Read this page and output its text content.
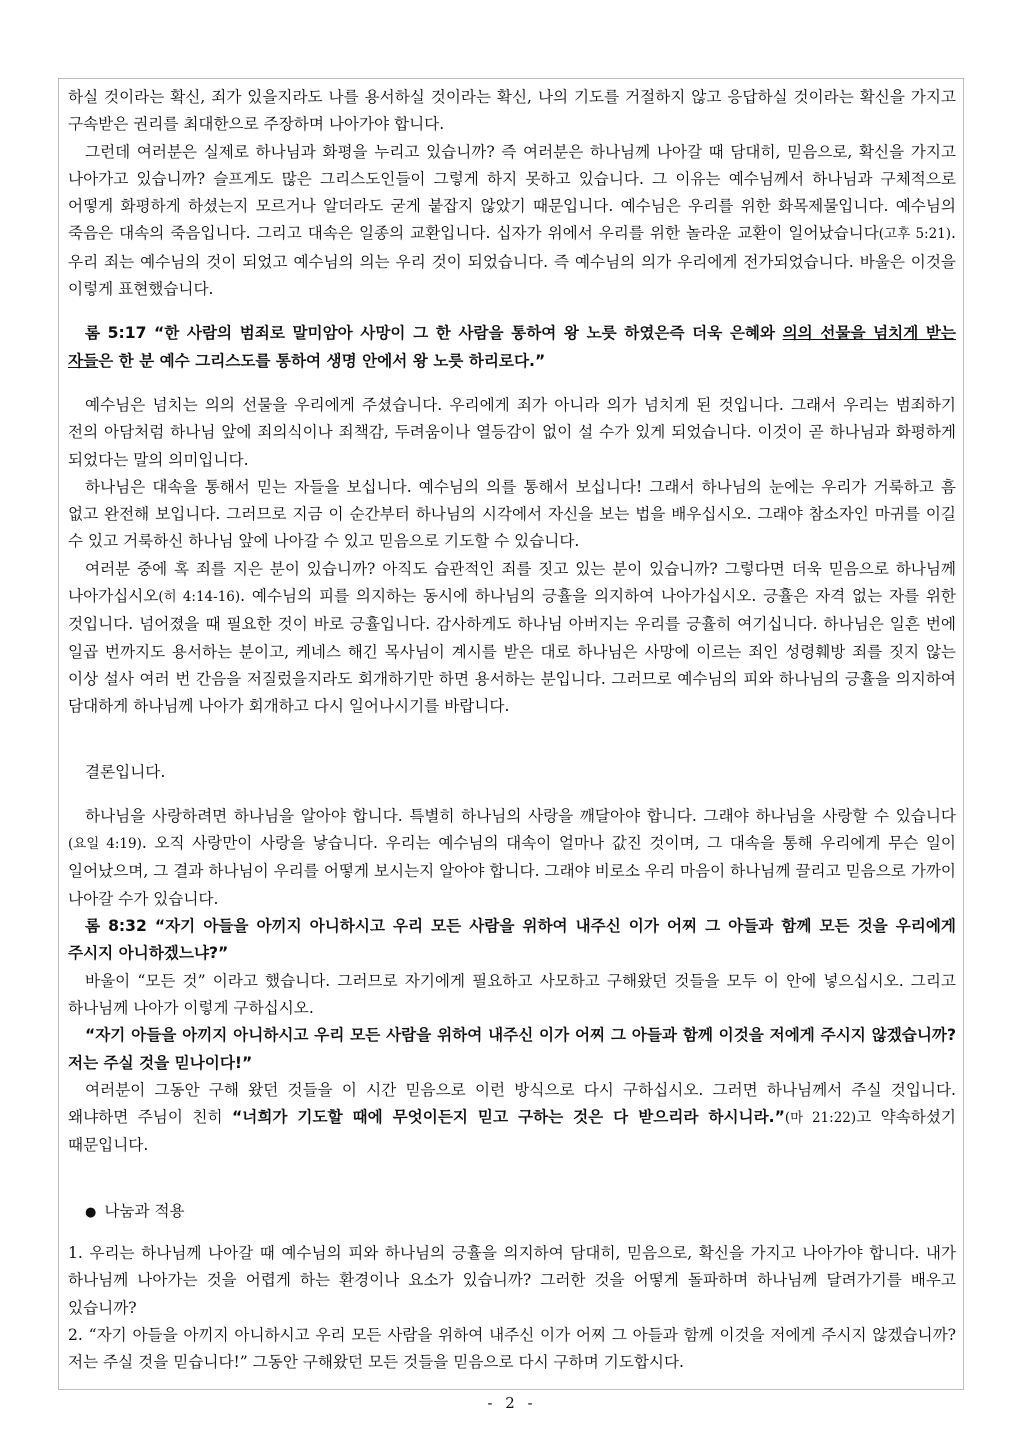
하실 것이라는 확신, 죄가 있을지라도 나를 용서하실 것이라는 확신, 나의 기도를 거절하지 않고 응답하실 것이라는 확신을 가지고 구속받은 권리를 최대한으로 주장하며 나아가야 합니다.

그런데 여러분은 실제로 하나님과 화평을 누리고 있습니까? 즉 여러분은 하나님께 나아갈 때 담대히, 믿음으로, 확신을 가지고 나아가고 있습니까? 슬프게도 많은 그리스도인들이 그렇게 하지 못하고 있습니다. 그 이유는 예수님께서 하나님과 구체적으로 어떻게 화평하게 하셨는지 모르거나 알더라도 굳게 붙잡지 않았기 때문입니다. 예수님은 우리를 위한 화목제물입니다. 예수님의 죽음은 대속의 죽음입니다. 그리고 대속은 일종의 교환입니다. 십자가 위에서 우리를 위한 놀라운 교환이 일어났습니다(고후 5:21). 우리 죄는 예수님의 것이 되었고 예수님의 의는 우리 것이 되었습니다. 즉 예수님의 의가 우리에게 전가되었습니다. 바울은 이것을 이렇게 표현했습니다.

롬 5:17 “한 사람의 범죄로 말미암아 사망이 그 한 사람을 통하여 왕 노릇 하였은즉 더욱 은혜와 의의 선물을 넘치게 받는 자들은 한 분 예수 그리스도를 통하여 생명 안에서 왕 노릇 하리로다.”

예수님은 넘치는 의의 선물을 우리에게 주셨습니다. 우리에게 죄가 아니라 의가 넘치게 된 것입니다. 그래서 우리는 범죄하기 전의 아담처럼 하나님 앞에 죄의식이나 죄책감, 두려움이나 열등감이 없이 설 수가 있게 되었습니다. 이것이 곧 하나님과 화평하게 되었다는 말의 의미입니다.

하나님은 대속을 통해서 믿는 자들을 보십니다. 예수님의 의를 통해서 보십니다! 그래서 하나님의 눈에는 우리가 거룩하고 흠 없고 완전해 보입니다. 그러므로 지금 이 순간부터 하나님의 시각에서 자신을 보는 법을 배우십시오. 그래야 참소자인 마귀를 이길 수 있고 거룩하신 하나님 앞에 나아갈 수 있고 믿음으로 기도할 수 있습니다.

여러분 중에 혹 죄를 지은 분이 있습니까? 아직도 습관적인 죄를 짓고 있는 분이 있습니까? 그렇다면 더욱 믿음으로 하나님께 나아가십시오(히 4:14-16). 예수님의 피를 의지하는 동시에 하나님의 긍휼을 의지하여 나아가십시오. 긍휼은 자격 없는 자를 위한 것입니다. 넘어졌을 때 필요한 것이 바로 긍휼입니다. 감사하게도 하나님 아버지는 우리를 긍휼히 여기십니다. 하나님은 일흔 번에 일곱 번까지도 용서하는 분이고, 케네스 해긴 목사님이 계시를 받은 대로 하나님은 사망에 이르는 죄인 성령훼방 죄를 짓지 않는 이상 설사 여러 번 간음을 저질렀을지라도 회개하기만 하면 용서하는 분입니다. 그러므로 예수님의 피와 하나님의 긍휼을 의지하여 담대하게 하나님께 나아가 회개하고 다시 일어나시기를 바랍니다.

결론입니다.

하나님을 사랑하려면 하나님을 알아야 합니다. 특별히 하나님의 사랑을 깨달아야 합니다. 그래야 하나님을 사랑할 수 있습니다(요일 4:19). 오직 사랑만이 사랑을 낳습니다. 우리는 예수님의 대속이 얼마나 값진 것이며, 그 대속을 통해 우리에게 무슨 일이 일어났으며, 그 결과 하나님이 우리를 어떻게 보시는지 알아야 합니다. 그래야 비로소 우리 마음이 하나님께 끌리고 믿음으로 가까이 나아갈 수가 있습니다.

롬 8:32 “자기 아들을 아끼지 아니하시고 우리 모든 사람을 위하여 내주신 이가 어찌 그 아들과 함께 모든 것을 우리에게 주시지 아니하겠느냐?”

바울이 “모든 것” 이라고 했습니다. 그러므로 자기에게 필요하고 사모하고 구해왔던 것들을 모두 이 안에 넣으십시오. 그리고 하나님께 나아가 이렇게 구하십시오.

“자기 아들을 아끼지 아니하시고 우리 모든 사람을 위하여 내주신 이가 어찌 그 아들과 함께 이것을 저에게 주시지 않겠습니까? 저는 주실 것을 믿나이다!”

여러분이 그동안 구해 왔던 것들을 이 시간 믿음으로 이런 방식으로 다시 구하십시오. 그러면 하나님께서 주실 것입니다. 왜냐하면 주님이 친히 “너희가 기도할 때에 무엇이든지 믿고 구하는 것은 다 받으리라 하시니라.”(마 21:22)고 약속하셨기 때문입니다.

● 나눔과 적용

1. 우리는 하나님께 나아갈 때 예수님의 피와 하나님의 긍휼을 의지하여 담대히, 믿음으로, 확신을 가지고 나아가야 합니다. 내가 하나님께 나아가는 것을 어렵게 하는 환경이나 요소가 있습니까? 그러한 것을 어떻게 돌파하며 하나님께 달려가기를 배우고 있습니까?

2. “자기 아들을 아끼지 아니하시고 우리 모든 사람을 위하여 내주신 이가 어찌 그 아들과 함께 이것을 저에게 주시지 않겠습니까? 저는 주실 것을 믿습니다!” 그동안 구해왔던 모든 것들을 믿음으로 다시 구하며 기도합시다.

- 2 -
